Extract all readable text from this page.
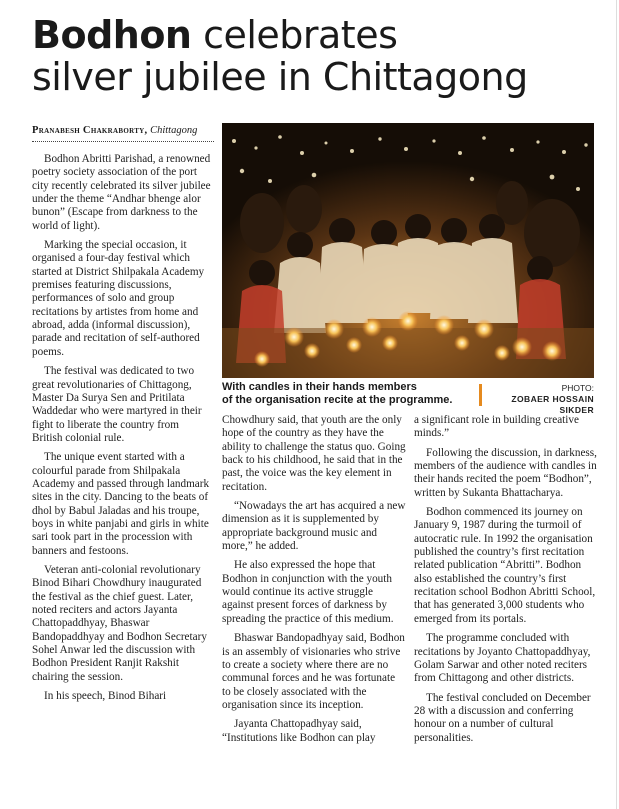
Bodhon celebrates
silver jubilee in Chittagong
Pranabesh Chakraborty, Chittagong

Bodhon Abritti Parishad, a renowned poetry society association of the port city recently celebrated its silver jubilee under the theme “Andhar bhenge alor bunon” (Escape from darkness to the world of light).

Marking the special occasion, it organised a four-day festival which started at District Shilpakala Academy premises featuring discussions, performances of solo and group recitations by artistes from home and abroad, adda (informal discussion), parade and recitation of self-authored poems.

The festival was dedicated to two great revolutionaries of Chittagong, Master Da Surya Sen and Pritilata Waddedar who were martyred in their fight to liberate the country from British colonial rule.

The unique event started with a colourful parade from Shilpakala Academy and passed through landmark sites in the city. Dancing to the beats of dhol by Babul Jaladas and his troupe, boys in white panjabi and girls in white sari took part in the procession with banners and festoons.

Veteran anti-colonial revolutionary Binod Bihari Chowdhury inaugurated the festival as the chief guest. Later, noted reciters and actors Jayanta Chattopaddhyay, Bhaswar Bandopaddhyay and Bodhon Secretary Sohel Anwar led the discussion with Bodhon President Ranjit Rakshit chairing the session.

In his speech, Binod Bihari

With candles in their hands members
of the organisation recite at the programme.
PHOTO:
ZOBAER HOSSAIN SIKDER

Chowdhury said, that youth are the only hope of the country as they have the ability to challenge the status quo. Going back to his childhood, he said that in the past, the voice was the key element in recitation.

“Nowadays the art has acquired a new dimension as it is supplemented by appropriate background music and more,” he added.

He also expressed the hope that Bodhon in conjunction with the youth would continue its active struggle against present forces of darkness by spreading the practice of this medium.

Bhaswar Bandopadhyay said, Bodhon is an assembly of visionaries who strive to create a society where there are no communal forces and he was fortunate to be closely associated with the organisation since its inception.

Jayanta Chattopadhyay said, “Institutions like Bodhon can play

a significant role in building creative minds.”

Following the discussion, in darkness, members of the audience with candles in their hands recited the poem “Bodhon”, written by Sukanta Bhattacharya.

Bodhon commenced its journey on January 9, 1987 during the turmoil of autocratic rule. In 1992 the organisation published the country’s first recitation related publication “Abritti”. Bodhon also established the country’s first recitation school Bodhon Abritti School, that has generated 3,000 students who emerged from its portals.

The programme concluded with recitations by Joyanto Chattopaddhyay, Golam Sarwar and other noted reciters from Chittagong and other districts.

The festival concluded on December 28 with a discussion and conferring honour on a number of cultural personalities.
